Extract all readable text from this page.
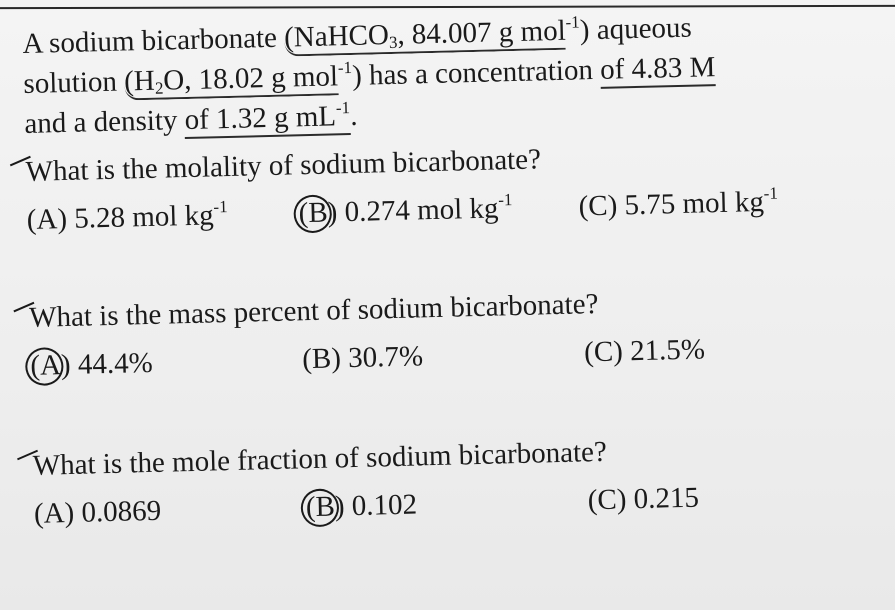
A sodium bicarbonate (NaHCO$_3$, 84.007 g mol$^{-1}$) aqueous
solution ($H_2O$, 18.02 g mol$^{-1}$) has a concentration of 4.83 M
and a density of 1.32 g $mL^{-1}$.
What is the molality of sodium bicarbonate?
(A) 5.28 mol $kg^{-1}$	(B) 0.274 mol $kg^{-1}$	(C) 5.75 mol $kg^{-1}$
What is the mass percent of sodium bicarbonate?
(A) 44.4%	(B) 30.7%	(C) 21.5%
What is the mole fraction of sodium bicarbonate?
(A) 0.0869	(B) 0.102	(C) 0.215
